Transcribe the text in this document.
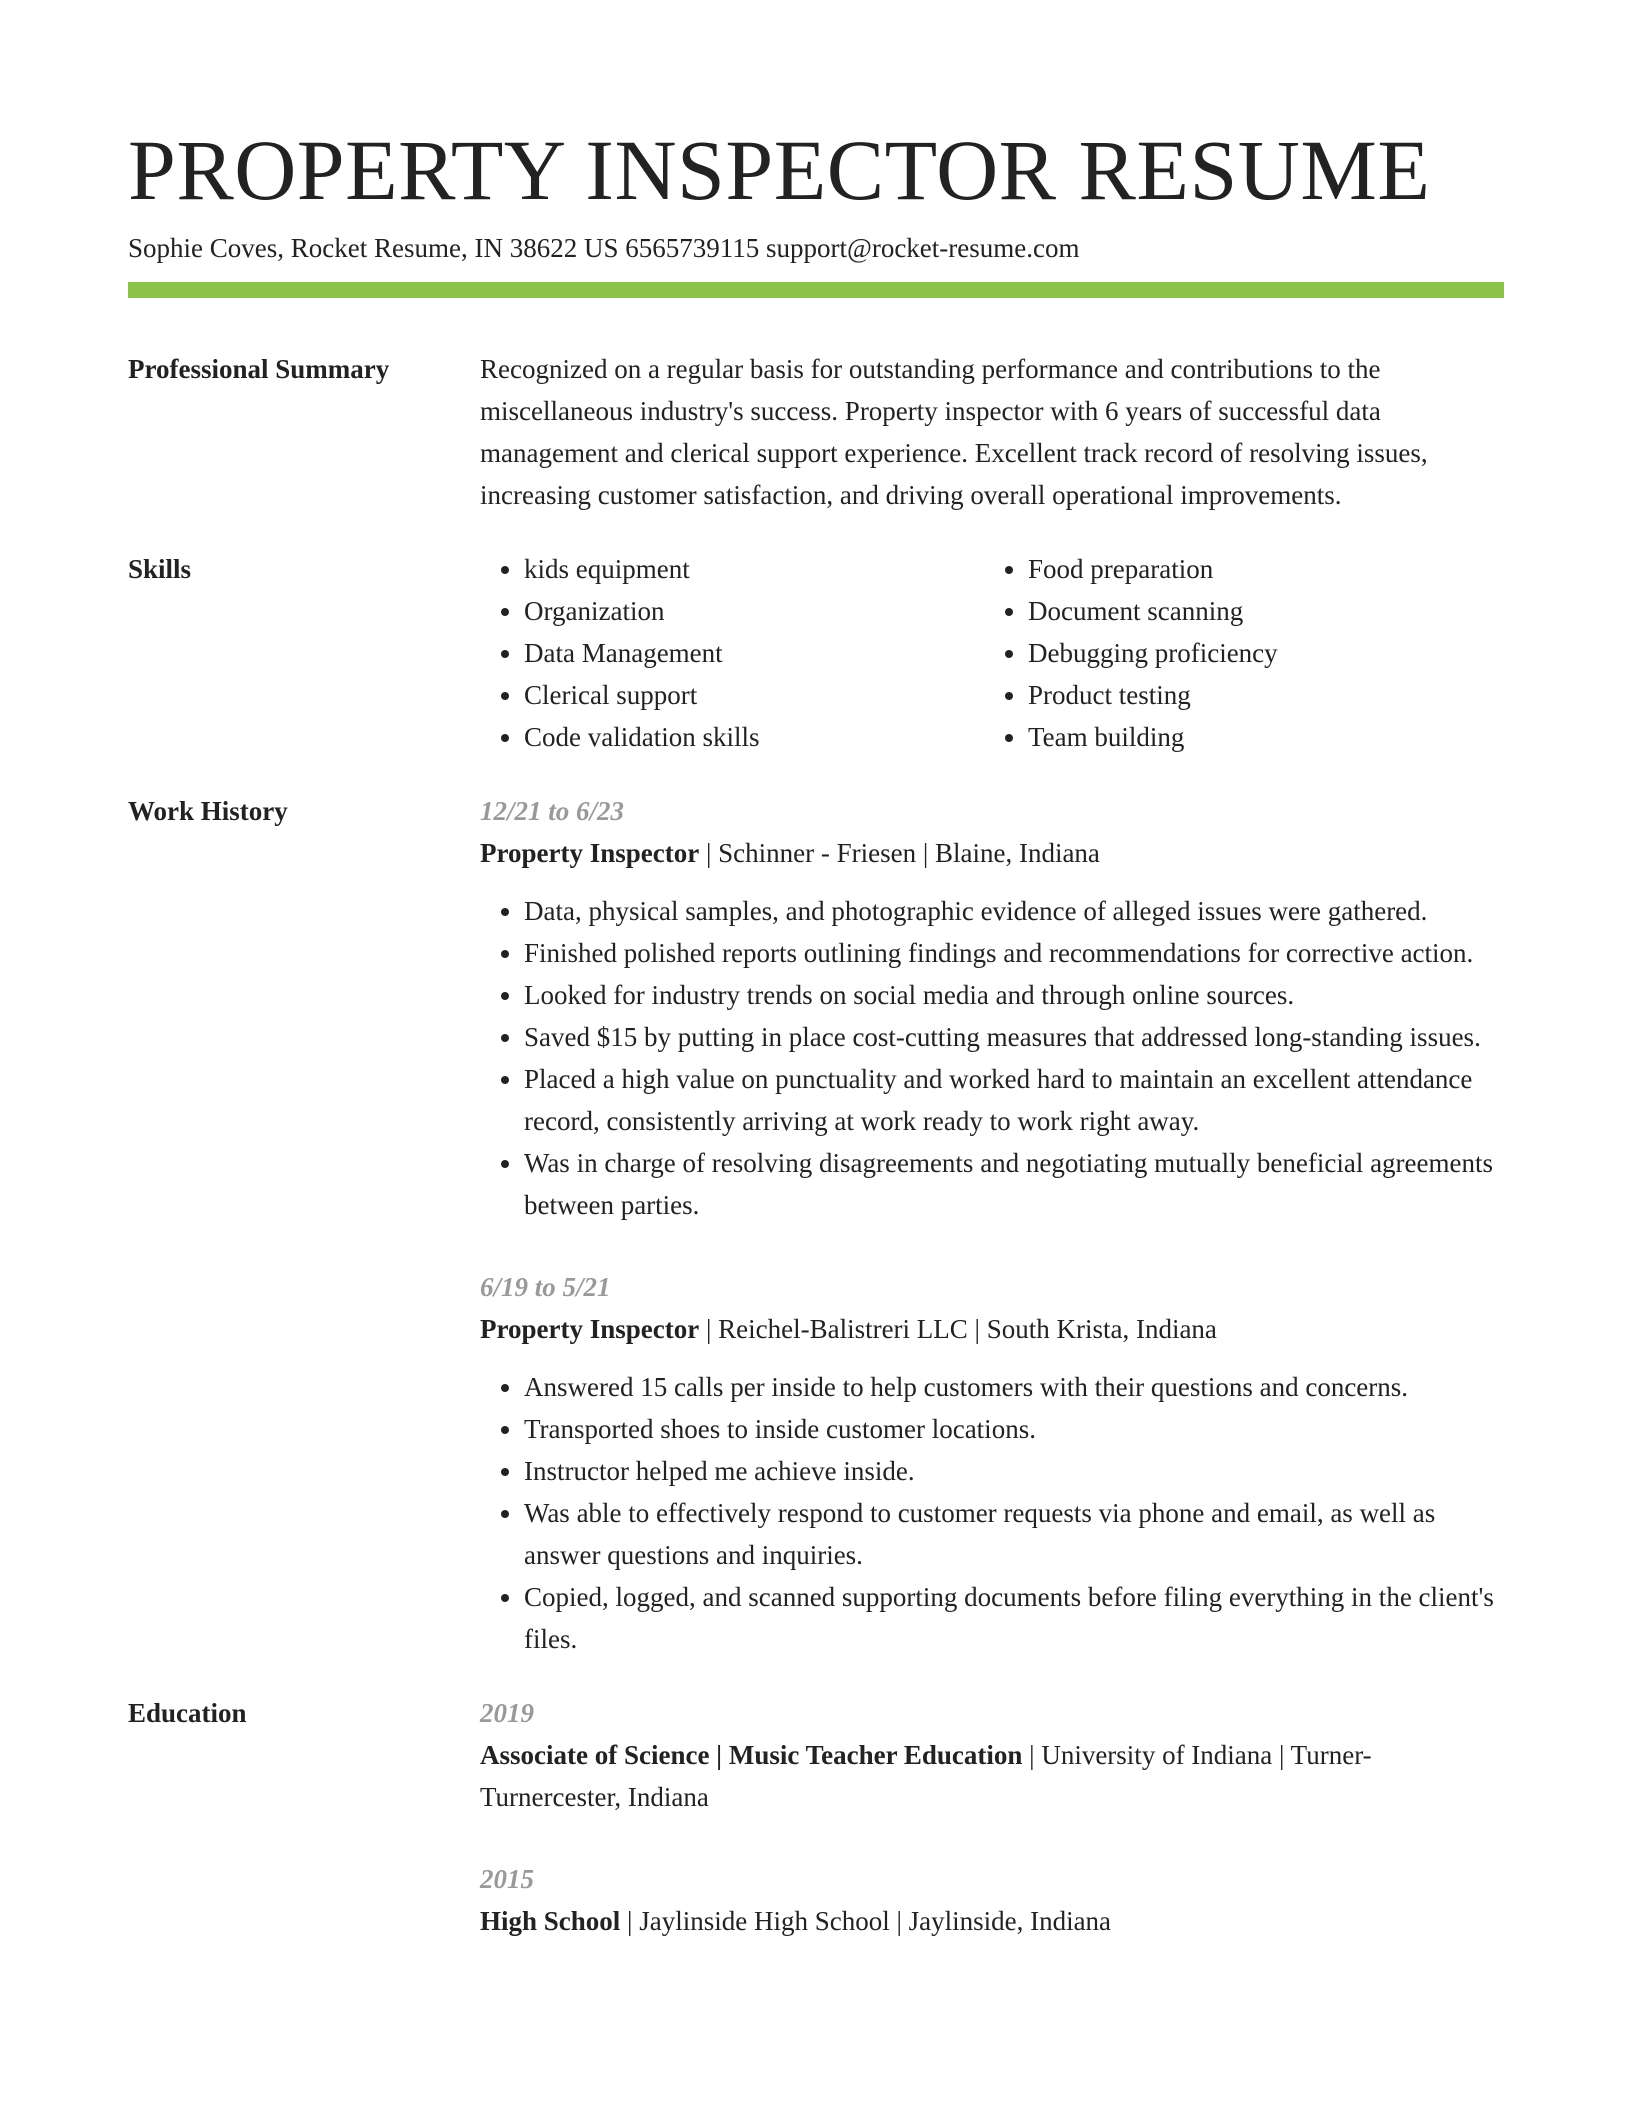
PROPERTY INSPECTOR RESUME
Sophie Coves, Rocket Resume, IN 38622 US 6565739115 support@rocket-resume.com
Professional Summary	Recognized on a regular basis for outstanding performance and contributions to the miscellaneous industry's success. Property inspector with 6 years of successful data management and clerical support experience. Excellent track record of resolving issues, increasing customer satisfaction, and driving overall operational improvements.
Skills
•	kids equipment
• Organization
• Data Management
• Clerical support
• Code validation skills
• Food preparation
• Document scanning
• Debugging proficiency
• Product testing
• Team building
Work History	12/21 to 6/23
Property Inspector | Schinner - Friesen | Blaine, Indiana
• Data, physical samples, and photographic evidence of alleged issues were gathered.
• Finished polished reports outlining findings and recommendations for corrective action.
• Looked for industry trends on social media and through online sources.
• Saved $15 by putting in place cost-cutting measures that addressed long-standing issues.
• Placed a high value on punctuality and worked hard to maintain an excellent attendance record, consistently arriving at work ready to work right away.
• Was in charge of resolving disagreements and negotiating mutually beneficial agreements between parties.
6/19 to 5/21
Property Inspector | Reichel-Balistreri LLC | South Krista, Indiana
• Answered 15 calls per inside to help customers with their questions and concerns.
• Transported shoes to inside customer locations.
• Instructor helped me achieve inside.
• Was able to effectively respond to customer requests via phone and email, as well as answer questions and inquiries.
• Copied, logged, and scanned supporting documents before filing everything in the client's files.
Education	2019
Associate of Science | Music Teacher Education | University of Indiana | Turner-Turnercester, Indiana
2015
High School | Jaylinside High School | Jaylinside, Indiana
